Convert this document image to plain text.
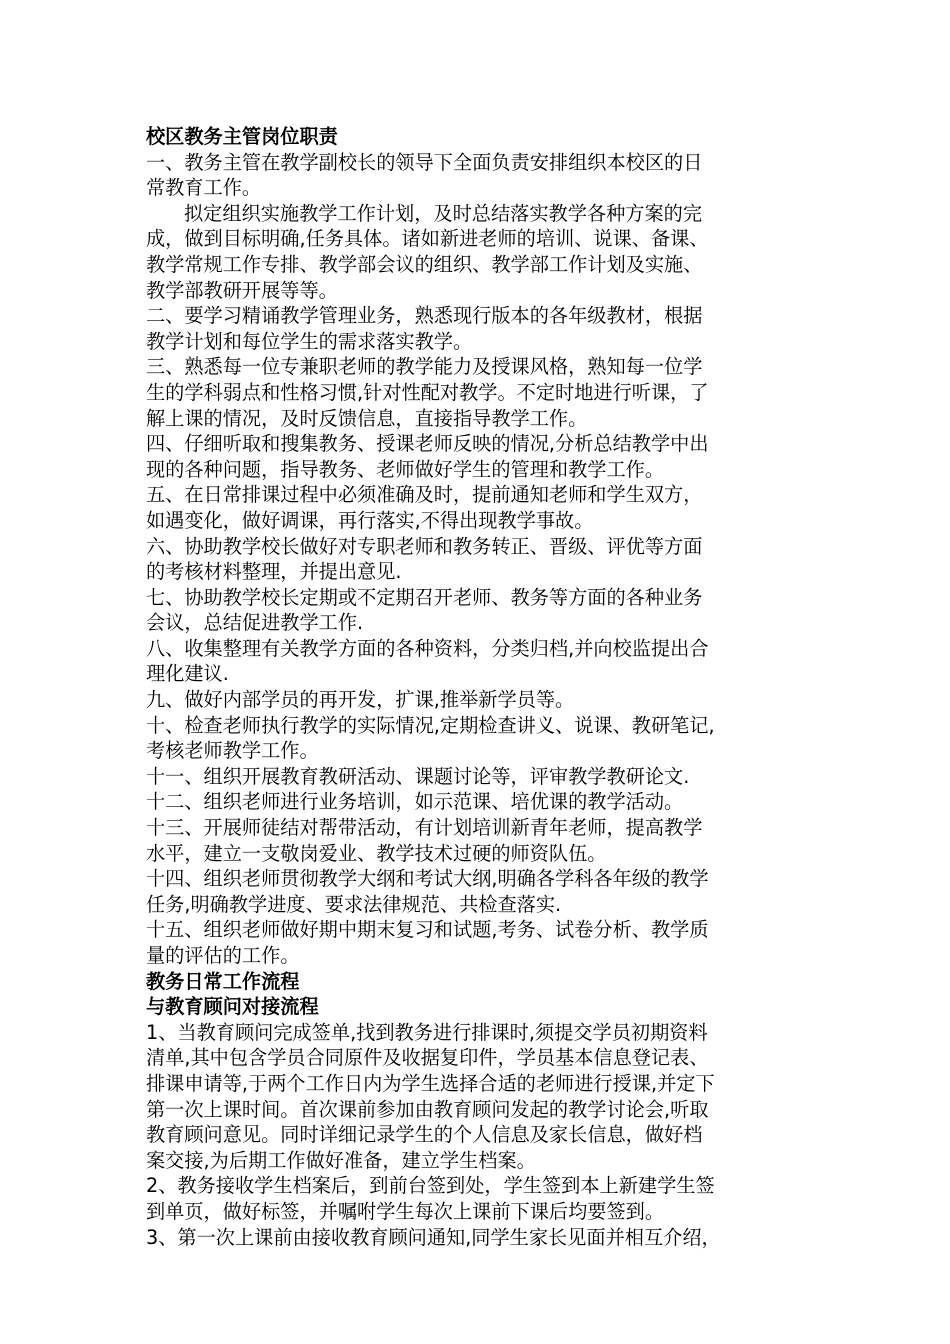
校区教务主管岗位职责
一、教务主管在教学副校长的领导下全面负责安排组织本校区的日
常教育工作。
拟定组织实施教学工作计划，及时总结落实教学各种方案的完
成，做到目标明确,任务具体。诸如新进老师的培训、说课、备课、
教学常规工作专排、教学部会议的组织、教学部工作计划及实施、
教学部教研开展等等。
二、要学习精诵教学管理业务，熟悉现行版本的各年级教材，根据
教学计划和每位学生的需求落实教学。
三、熟悉每一位专兼职老师的教学能力及授课风格，熟知每一位学
生的学科弱点和性格习惯,针对性配对教学。不定时地进行听课，了
解上课的情况，及时反馈信息，直接指导教学工作。
四、仔细听取和搜集教务、授课老师反映的情况,分析总结教学中出
现的各种问题，指导教务、老师做好学生的管理和教学工作。
五、在日常排课过程中必须准确及时，提前通知老师和学生双方，
如遇变化，做好调课，再行落实,不得出现教学事故。
六、协助教学校长做好对专职老师和教务转正、晋级、评优等方面
的考核材料整理，并提出意见.
七、协助教学校长定期或不定期召开老师、教务等方面的各种业务
会议，总结促进教学工作.
八、收集整理有关教学方面的各种资料，分类归档,并向校监提出合
理化建议.
九、做好内部学员的再开发，扩课,推举新学员等。
十、检查老师执行教学的实际情况,定期检查讲义、说课、教研笔记,
考核老师教学工作。
十一、组织开展教育教研活动、课题讨论等，评审教学教研论文.
十二、组织老师进行业务培训，如示范课、培优课的教学活动。
十三、开展师徒结对帮带活动，有计划培训新青年老师，提高教学
水平，建立一支敬岗爱业、教学技术过硬的师资队伍。
十四、组织老师贯彻教学大纲和考试大纲,明确各学科各年级的教学
任务,明确教学进度、要求法律规范、共检查落实.
十五、组织老师做好期中期末复习和试题,考务、试卷分析、教学质
量的评估的工作。
教务日常工作流程
与教育顾问对接流程
1、当教育顾问完成签单,找到教务进行排课时,须提交学员初期资料
清单,其中包含学员合同原件及收据复印件，学员基本信息登记表、
排课申请等,于两个工作日内为学生选择合适的老师进行授课,并定下
第一次上课时间。首次课前参加由教育顾问发起的教学讨论会,听取
教育顾问意见。同时详细记录学生的个人信息及家长信息，做好档
案交接,为后期工作做好准备，建立学生档案。
2、教务接收学生档案后，到前台签到处，学生签到本上新建学生签
到单页，做好标签，并嘱咐学生每次上课前下课后均要签到。
3、第一次上课前由接收教育顾问通知,同学生家长见面并相互介绍，
